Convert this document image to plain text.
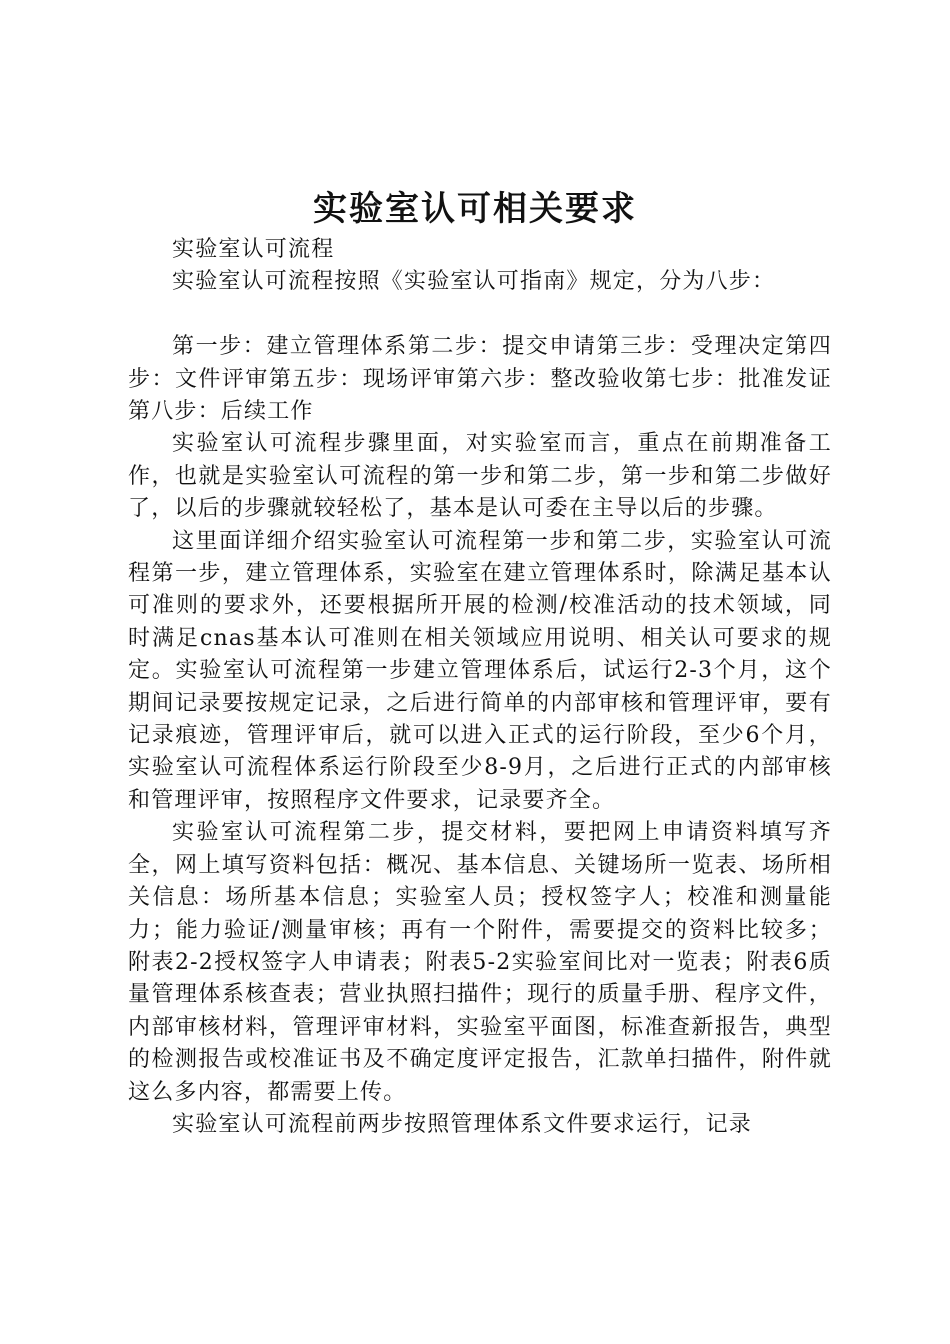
实验室认可相关要求

实验室认可流程

实验室认可流程按照《实验室认可指南》规定，分为八步：

第一步：建立管理体系第二步：提交申请第三步：受理决定第四步：文件评审第五步：现场评审第六步：整改验收第七步：批准发证第八步：后续工作

实验室认可流程步骤里面，对实验室而言，重点在前期准备工作，也就是实验室认可流程的第一步和第二步，第一步和第二步做好了，以后的步骤就较轻松了，基本是认可委在主导以后的步骤。

这里面详细介绍实验室认可流程第一步和第二步，实验室认可流程第一步，建立管理体系，实验室在建立管理体系时，除满足基本认可准则的要求外，还要根据所开展的检测/校准活动的技术领域，同时满足cnas基本认可准则在相关领域应用说明、相关认可要求的规定。实验室认可流程第一步建立管理体系后，试运行2-3个月，这个期间记录要按规定记录，之后进行简单的内部审核和管理评审，要有记录痕迹，管理评审后，就可以进入正式的运行阶段，至少6个月，实验室认可流程体系运行阶段至少8-9月，之后进行正式的内部审核和管理评审，按照程序文件要求，记录要齐全。

实验室认可流程第二步，提交材料，要把网上申请资料填写齐全，网上填写资料包括：概况、基本信息、关键场所一览表、场所相关信息：场所基本信息；实验室人员；授权签字人；校准和测量能力；能力验证/测量审核；再有一个附件，需要提交的资料比较多；附表2-2授权签字人申请表；附表5-2实验室间比对一览表；附表6质量管理体系核查表；营业执照扫描件；现行的质量手册、程序文件，内部审核材料，管理评审材料，实验室平面图，标准查新报告，典型的检测报告或校准证书及不确定度评定报告，汇款单扫描件，附件就这么多内容，都需要上传。

实验室认可流程前两步按照管理体系文件要求运行，记录
